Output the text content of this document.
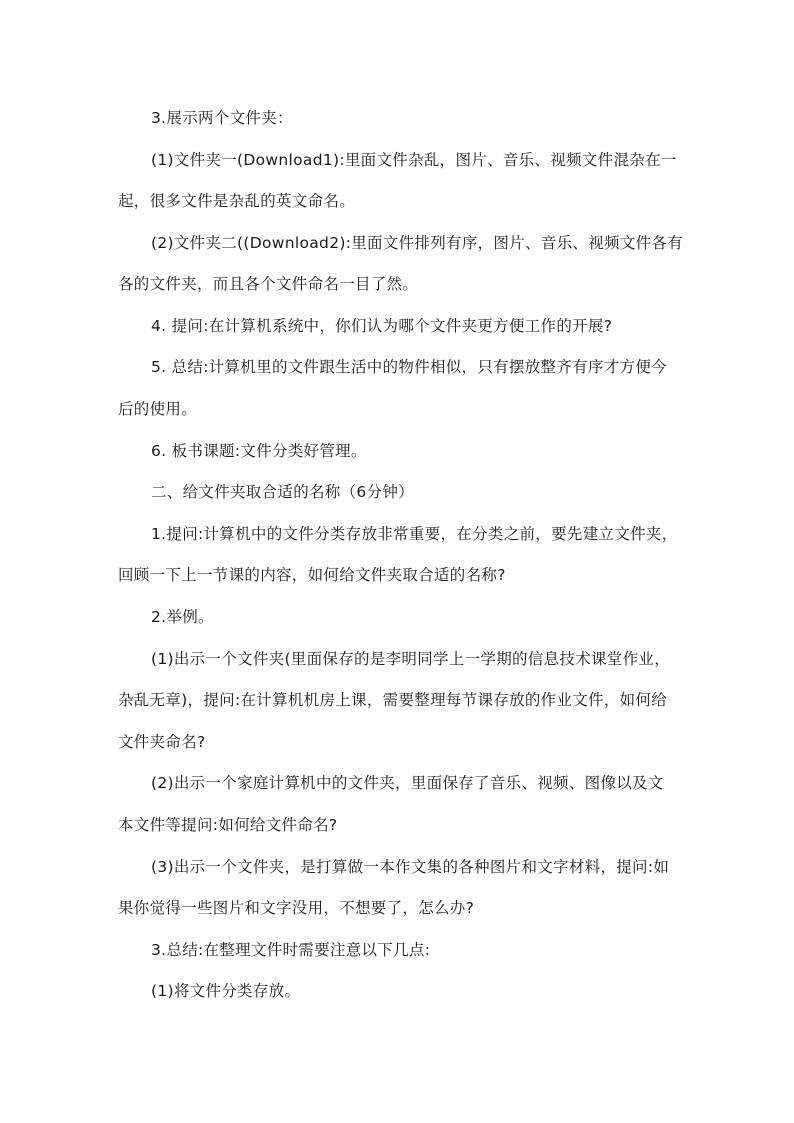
3.展示两个文件夹：
(1)文件夹一(Download1):里面文件杂乱，图片、音乐、视频文件混杂在一
起，很多文件是杂乱的英文命名。
(2)文件夹二((Download2):里面文件排列有序，图片、音乐、视频文件各有
各的文件夹，而且各个文件命名一目了然。
4. 提问:在计算机系统中，你们认为哪个文件夹更方便工作的开展?
5. 总结:计算机里的文件跟生活中的物件相似，只有摆放整齐有序才方便今
后的使用。
6. 板书课题:文件分类好管理。
二、给文件夹取合适的名称（6分钟）
1.提问:计算机中的文件分类存放非常重要，在分类之前，要先建立文件夹，
回顾一下上一节课的内容，如何给文件夹取合适的名称?
2.举例。
(1)出示一个文件夹(里面保存的是李明同学上一学期的信息技术课堂作业，
杂乱无章)，提问:在计算机机房上课，需要整理每节课存放的作业文件，如何给
文件夹命名?
(2)出示一个家庭计算机中的文件夹，里面保存了音乐、视频、图像以及文
本文件等提问:如何给文件命名?
(3)出示一个文件夹，是打算做一本作文集的各种图片和文字材料，提问:如
果你觉得一些图片和文字没用，不想要了，怎么办?
3.总结:在整理文件时需要注意以下几点:
(1)将文件分类存放。
